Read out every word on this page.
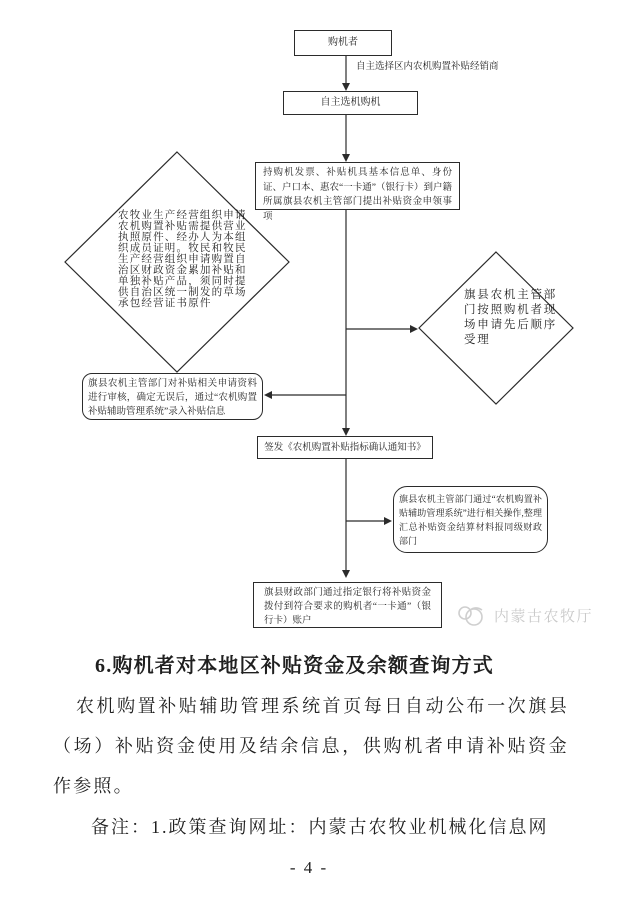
购机者
自主选择区内农机购置补贴经销商
自主选机购机
持购机发票、补贴机具基本信息单、身份证、户口本、惠农“一卡通”（银行卡）到户籍所属旗县农机主管部门提出补贴资金申领事项
农牧业生产经营组织申请农机购置补贴需提供营业执照原件、经办人为本组织成员证明。牧民和牧民生产经营组织申请购置自治区财政资金累加补贴和单独补贴产品，须同时提供自治区统一制发的草场承包经营证书原件
旗县农机主管部门按照购机者现场申请先后顺序受理
旗县农机主管部门对补贴相关申请资料进行审核，确定无误后，通过“农机购置补贴辅助管理系统”录入补贴信息
签发《农机购置补贴指标确认通知书》
旗县农机主管部门通过“农机购置补贴辅助管理系统”进行相关操作,整理汇总补贴资金结算材料报同级财政部门
旗县财政部门通过指定银行将补贴资金拨付到符合要求的购机者“一卡通”（银行卡）账户	内蒙古农牧厅
6.购机者对本地区补贴资金及余额查询方式
农机购置补贴辅助管理系统首页每日自动公布一次旗县（场）补贴资金使用及结余信息，供购机者申请补贴资金作参照。
备注：1.政策查询网址：内蒙古农牧业机械化信息网
- 4 -
